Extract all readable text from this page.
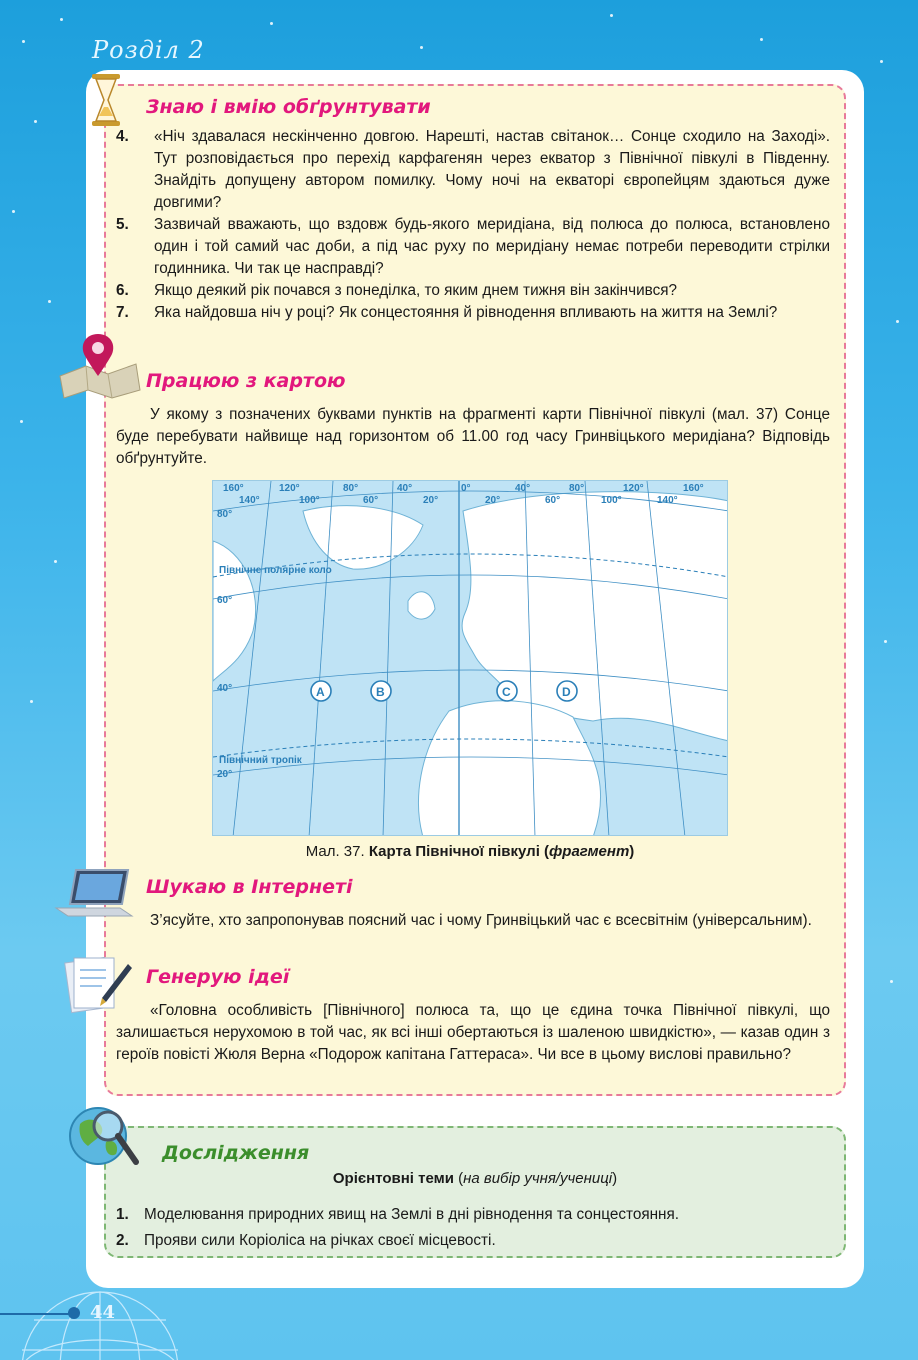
Розділ 2
Знаю і вмію обґрунтувати
4.	«Ніч здавалася нескінченно довгою. Нарешті, настав світанок… Сонце сходило на Заході». Тут розповідається про перехід карфагенян через екватор з Північної півкулі в Південну. Знайдіть допущену автором помилку. Чому ночі на екваторі європейцям здаються дуже довгими?
5.	Зазвичай вважають, що вздовж будь-якого меридіана, від полюса до полюса, встановлено один і той самий час доби, а під час руху по меридіану немає потреби переводити стрілки годинника. Чи так це насправді?
6.	Якщо деякий рік почався з понеділка, то яким днем тижня він закінчився?
7.	Яка найдовша ніч у році? Як сонцестояння й рівнодення впливають на життя на Землі?
Працюю з картою
У якому з позначених буквами пунктів на фрагменті карти Північної півкулі (мал. 37) Сонце буде перебувати найвище над горизонтом об 11.00 год часу Гринвіцького меридіана? Відповідь обґрунтуйте.
160°	120°	80°	40°	0°	40°	80°	120°	160°
140°	100°	60°	20°	20°	60°	100°	140°
80°
60°
40°
20°
Північне полярне коло
Північний тропік
A	B	C	D
Мал. 37. Карта Північної півкулі (фрагмент)
Шукаю в Інтернеті
З’ясуйте, хто запропонував поясний час і чому Гринвіцький час є всесвітнім (універсальним).
Генерую ідеї
«Головна особливість [Північного] полюса та, що це єдина точка Північної півкулі, що залишається нерухомою в той час, як всі інші обертаються із шаленою швидкістю», — казав один з героїв повісті Жюля Верна «Подорож капітана Гаттераса». Чи все в цьому вислові правильно?
Дослідження
Орієнтовні теми (на вибір учня/учениці)
1. Моделювання природних явищ на Землі в дні рівнодення та сонцестояння.
2. Прояви сили Коріоліса на річках своєї місцевості.
44
